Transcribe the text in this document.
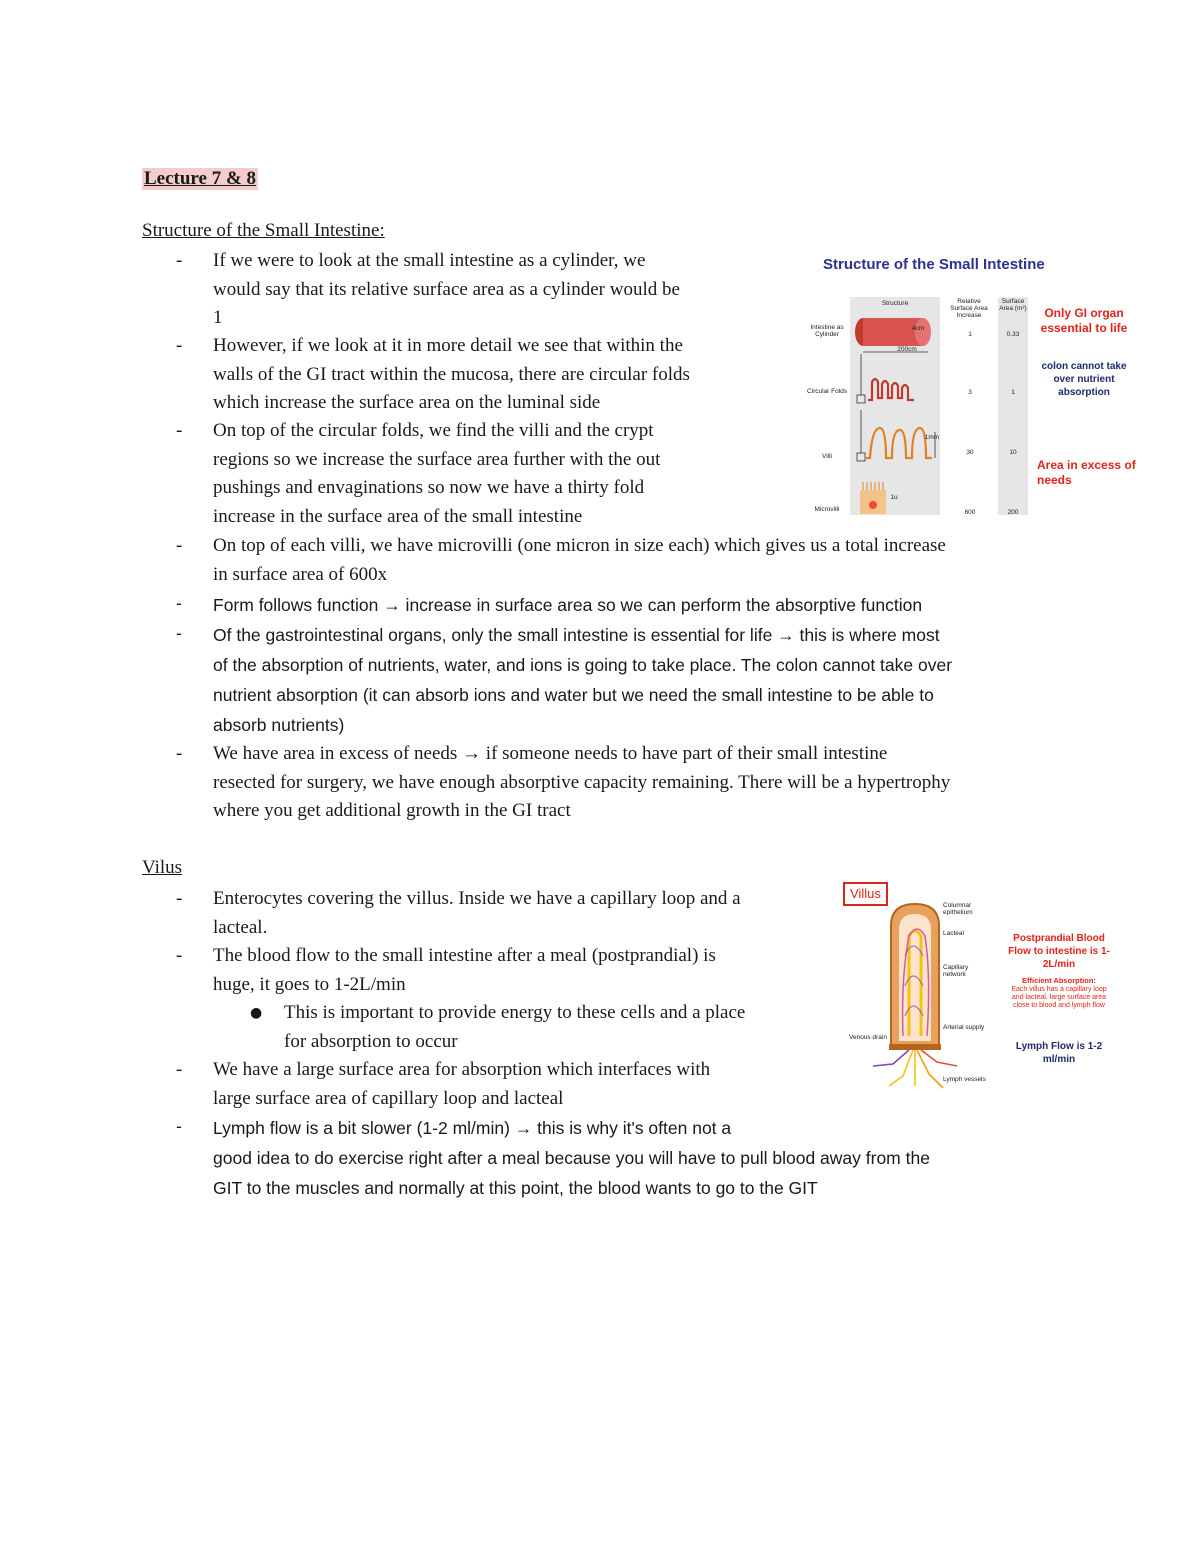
Lecture 7 & 8
Structure of the Small Intestine:
- If we were to look at the small intestine as a cylinder, we
would say that its relative surface area as a cylinder would be
1
- However, if we look at it in more detail we see that within the
walls of the GI tract within the mucosa, there are circular folds
which increase the surface area on the luminal side
- On top of the circular folds, we find the villi and the crypt
regions so we increase the surface area further with the out
pushings and envaginations so now we have a thirty fold
increase in the surface area of the small intestine
- On top of each villi, we have microvilli (one micron in size each) which gives us a total increase
in surface area of 600x
- Form follows function → increase in surface area so we can perform the absorptive function
- Of the gastrointestinal organs, only the small intestine is essential for life → this is where most
of the absorption of nutrients, water, and ions is going to take place. The colon cannot take over
nutrient absorption (it can absorb ions and water but we need the small intestine to be able to
absorb nutrients)
- We have area in excess of needs → if someone needs to have part of their small intestine
resected for surgery, we have enough absorptive capacity remaining. There will be a hypertrophy
where you get additional growth in the GI tract
Structure of the Small Intestine
Structure	Relative Surface Area Increase
Surface Area (m²)
Intestine as Cylinder
Circular Folds
Villi
Microvilli
1
3
30
600
0.33
1
10
200
4cm
200cm
1mm
1u
Only GI organ essential to life
colon cannot take over nutrient absorption
Area in excess of needs
Vilus
- Enterocytes covering the villus. Inside we have a capillary loop and a
lacteal.
- The blood flow to the small intestine after a meal (postprandial) is
huge, it goes to 1-2L/min
● This is important to provide energy to these cells and a place
for absorption to occur
- We have a large surface area for absorption which interfaces with
large surface area of capillary loop and lacteal
- Lymph flow is a bit slower (1-2 ml/min) → this is why it's often not a
good idea to do exercise right after a meal because you will have to pull blood away from the
GIT to the muscles and normally at this point, the blood wants to go to the GIT
Villus
Columnar epithelium
Lacteal
Capillary network
Arterial supply
Venous drain
Lymph vessels
Postprandial Blood Flow to intestine is 1-2L/min
Efficient Absorption:
Each villus has a capillary loop and lacteal. large surface area close to blood and lymph flow
Lymph Flow is 1-2 ml/min
